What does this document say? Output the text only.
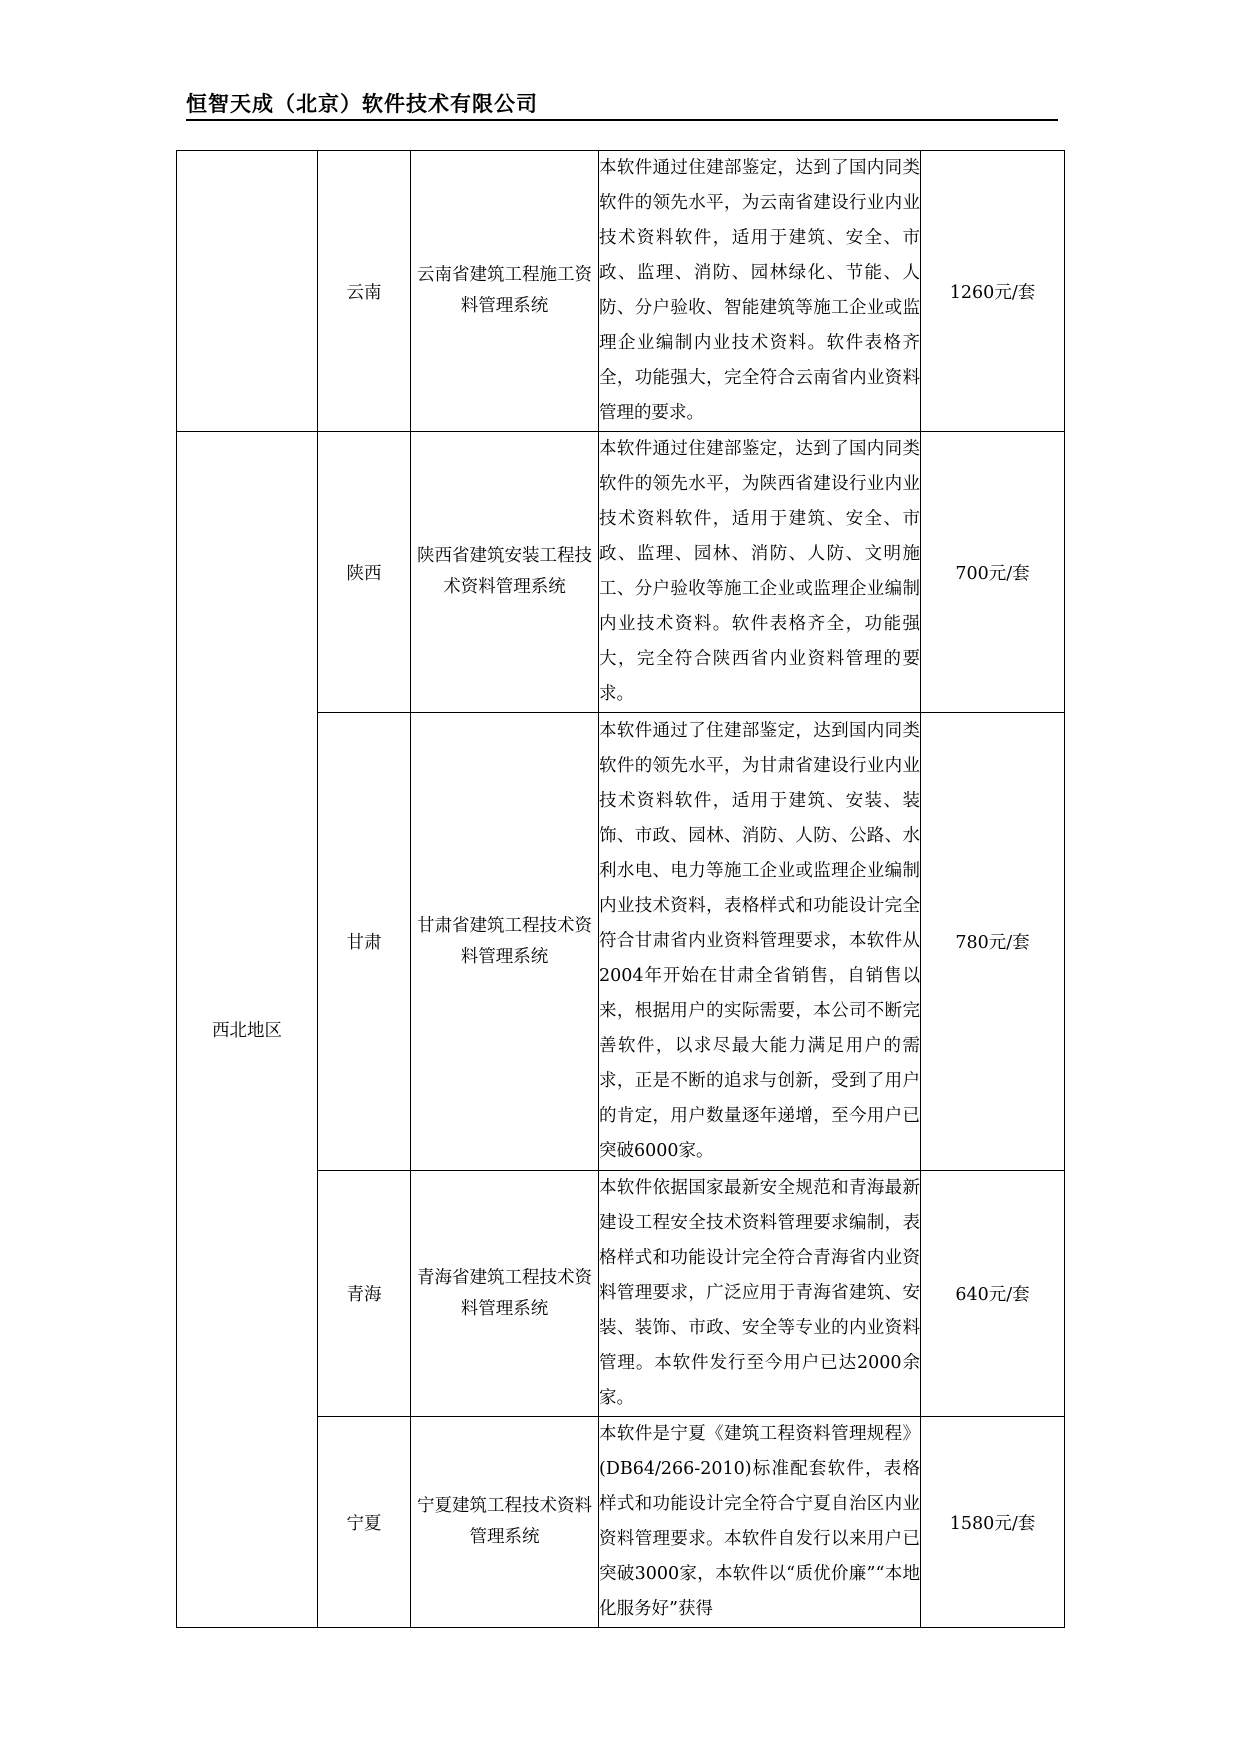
恒智天成（北京）软件技术有限公司
	云南	云南省建筑工程施工资料管理系统	本软件通过住建部鉴定，达到了国内同类软件的领先水平，为云南省建设行业内业技术资料软件，适用于建筑、安全、市政、监理、消防、园林绿化、节能、人防、分户验收、智能建筑等施工企业或监理企业编制内业技术资料。软件表格齐全，功能强大，完全符合云南省内业资料管理的要求。	1260元/套
西北地区	陕西	陕西省建筑安装工程技术资料管理系统	本软件通过住建部鉴定，达到了国内同类软件的领先水平，为陕西省建设行业内业技术资料软件，适用于建筑、安全、市政、监理、园林、消防、人防、文明施工、分户验收等施工企业或监理企业编制内业技术资料。软件表格齐全，功能强大，完全符合陕西省内业资料管理的要求。	700元/套
	甘肃	甘肃省建筑工程技术资料管理系统	本软件通过了住建部鉴定，达到国内同类软件的领先水平，为甘肃省建设行业内业技术资料软件，适用于建筑、安装、装饰、市政、园林、消防、人防、公路、水利水电、电力等施工企业或监理企业编制内业技术资料，表格样式和功能设计完全符合甘肃省内业资料管理要求，本软件从2004年开始在甘肃全省销售，自销售以来，根据用户的实际需要，本公司不断完善软件，以求尽最大能力满足用户的需求，正是不断的追求与创新，受到了用户的肯定，用户数量逐年递增，至今用户已突破6000家。	780元/套
	青海	青海省建筑工程技术资料管理系统	本软件依据国家最新安全规范和青海最新建设工程安全技术资料管理要求编制，表格样式和功能设计完全符合青海省内业资料管理要求，广泛应用于青海省建筑、安装、装饰、市政、安全等专业的内业资料管理。本软件发行至今用户已达2000余家。	640元/套
	宁夏	宁夏建筑工程技术资料管理系统	本软件是宁夏《建筑工程资料管理规程》(DB64/266-2010)标准配套软件，表格样式和功能设计完全符合宁夏自治区内业资料管理要求。本软件自发行以来用户已突破3000家，本软件以“质优价廉”“本地化服务好”获得	1580元/套
